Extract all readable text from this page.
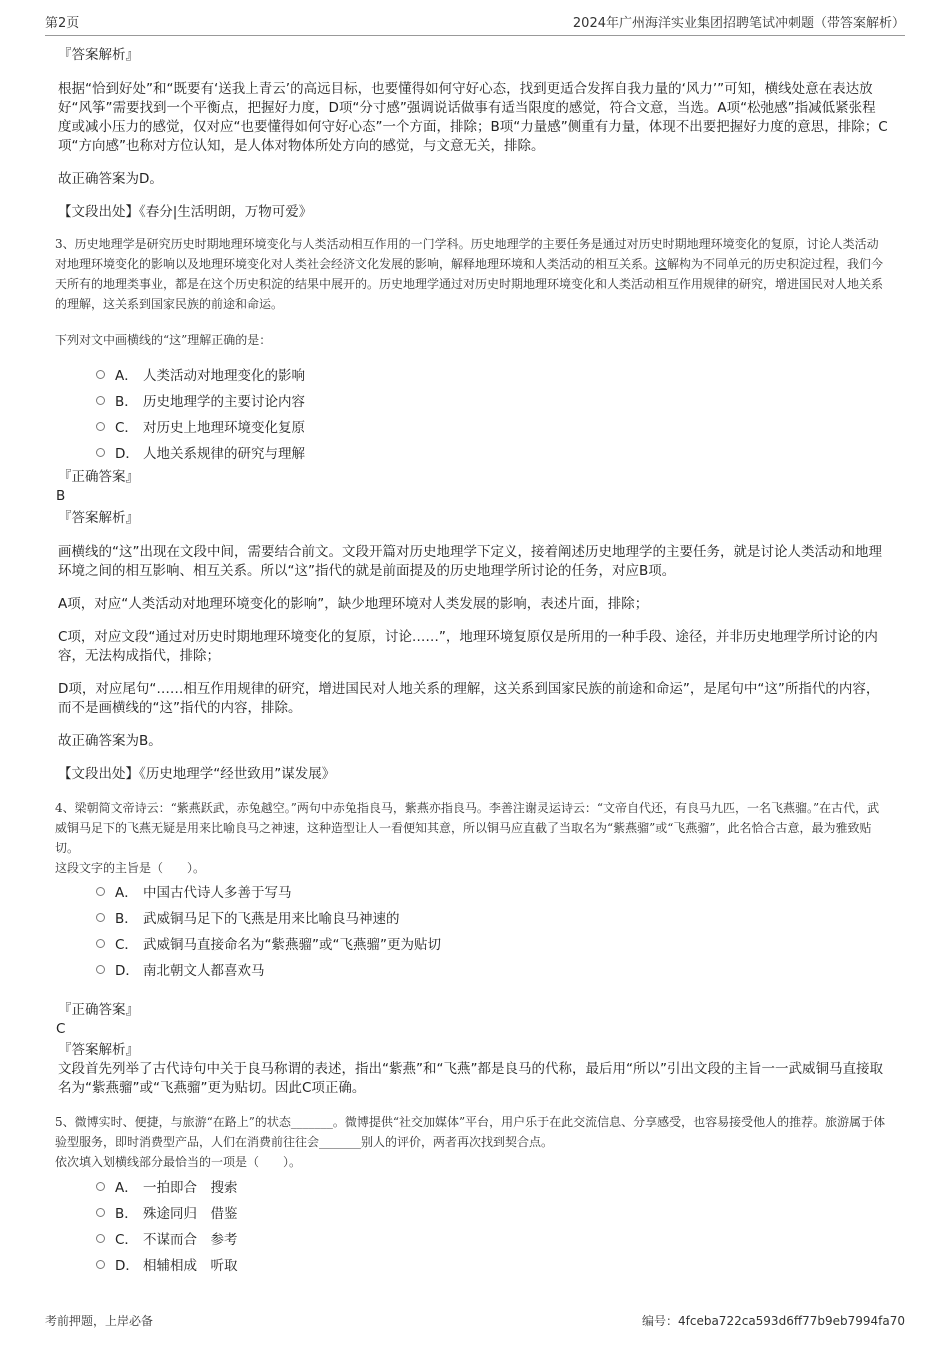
第2页	2024年广州海洋实业集团招聘笔试冲刺题（带答案解析）

『答案解析』

根据“恰到好处”和“既要有‘送我上青云’的高远目标，也要懂得如何守好心态，找到更适合发挥自我力量的‘风力’”可知，横线处意在表达放好“风筝”需要找到一个平衡点，把握好力度，D项“分寸感”强调说话做事有适当限度的感觉，符合文意，当选。A项“松弛感”指减低紧张程度或减小压力的感觉，仅对应“也要懂得如何守好心态”一个方面，排除；B项“力量感”侧重有力量，体现不出要把握好力度的意思，排除；C项“方向感”也称对方位认知，是人体对物体所处方向的感觉，与文意无关，排除。

故正确答案为D。

【文段出处】《春分|生活明朗，万物可爱》

3、历史地理学是研究历史时期地理环境变化与人类活动相互作用的一门学科。历史地理学的主要任务是通过对历史时期地理环境变化的复原，讨论人类活动对地理环境变化的影响以及地理环境变化对人类社会经济文化发展的影响，解释地理环境和人类活动的相互关系。这解构为不同单元的历史积淀过程，我们今天所有的地理类事业，都是在这个历史积淀的结果中展开的。历史地理学通过对历史时期地理环境变化和人类活动相互作用规律的研究，增进国民对人地关系的理解，这关系到国家民族的前途和命运。

下列对文中画横线的“这”理解正确的是：

A． 人类活动对地理变化的影响
B． 历史地理学的主要讨论内容
C． 对历史上地理环境变化复原
D． 人地关系规律的研究与理解

『正确答案』

B

『答案解析』

画横线的“这”出现在文段中间，需要结合前文。文段开篇对历史地理学下定义，接着阐述历史地理学的主要任务，就是讨论人类活动和地理环境之间的相互影响、相互关系。所以“这”指代的就是前面提及的历史地理学所讨论的任务，对应B项。

A项，对应“人类活动对地理环境变化的影响”，缺少地理环境对人类发展的影响，表述片面，排除；

C项，对应文段“通过对历史时期地理环境变化的复原，讨论……”，地理环境复原仅是所用的一种手段、途径，并非历史地理学所讨论的内容，无法构成指代，排除；

D项，对应尾句“……相互作用规律的研究，增进国民对人地关系的理解，这关系到国家民族的前途和命运”，是尾句中“这”所指代的内容，而不是画横线的“这”指代的内容，排除。

故正确答案为B。

【文段出处】《历史地理学“经世致用”谋发展》

4、梁朝简文帝诗云：“紫燕跃武，赤兔越空。”两句中赤兔指良马，紫燕亦指良马。李善注谢灵运诗云：“文帝自代还，有良马九匹，一名飞燕骝。”在古代，武威铜马足下的飞燕无疑是用来比喻良马之神速，这种造型让人一看便知其意，所以铜马应直截了当取名为“紫燕骝”或“飞燕骝”，此名恰合古意，最为雅致贴切。

这段文字的主旨是（　　）。

A． 中国古代诗人多善于写马
B． 武威铜马足下的飞燕是用来比喻良马神速的
C． 武威铜马直接命名为“紫燕骝”或“飞燕骝”更为贴切
D． 南北朝文人都喜欢马

『正确答案』

C

『答案解析』

文段首先列举了古代诗句中关于良马称谓的表述，指出“紫燕”和“飞燕”都是良马的代称，最后用“所以”引出文段的主旨一一武威铜马直接取名为“紫燕骝”或“飞燕骝”更为贴切。因此C项正确。

5、微博实时、便捷，与旅游“在路上”的状态_______。微博提供“社交加媒体”平台，用户乐于在此交流信息、分享感受，也容易接受他人的推荐。旅游属于体验型服务，即时消费型产品，人们在消费前往往会_______别人的评价，两者再次找到契合点。

依次填入划横线部分最恰当的一项是（　　）。

A． 一拍即合　搜索
B． 殊途同归　借鉴
C． 不谋而合　参考
D． 相辅相成　听取
考前押题，上岸必备	编号：4fceba722ca593d6ff77b9eb7994fa70
